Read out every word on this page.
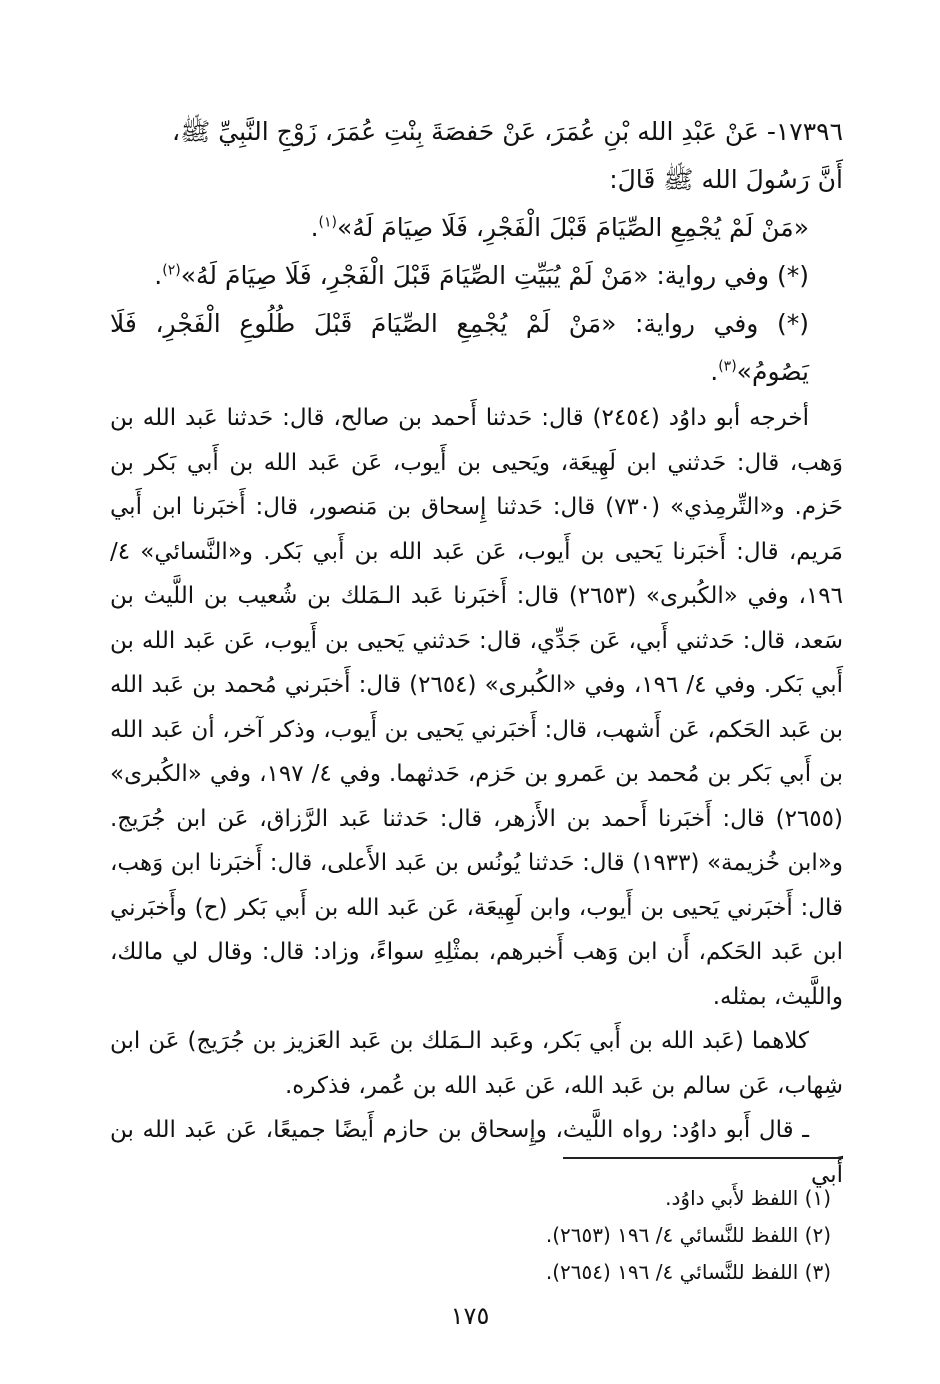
١٧٣٩٦- عَنْ عَبْدِ الله بْنِ عُمَرَ، عَنْ حَفصَةَ بِنْتِ عُمَرَ، زَوْجِ النَّبِيِّ ﷺ،
أَنَّ رَسُولَ الله ﷺ قَالَ:

«مَنْ لَمْ يُجْمِعِ الصِّيَامَ قَبْلَ الْفَجْرِ، فَلَا صِيَامَ لَهُ»$^{(١)}$.

(*) وفي رواية: «مَنْ لَمْ يُبَيِّتِ الصِّيَامَ قَبْلَ الْفَجْرِ، فَلَا صِيَامَ لَهُ»$^{(٢)}$.

(*) وفي رواية: «مَنْ لَمْ يُجْمِعِ الصِّيَامَ قَبْلَ طُلُوعِ الْفَجْرِ، فَلَا يَصُومُ»$^{(٣)}$.

أخرجه أبو داوُد (٢٤٥٤) قال: حَدثنا أَحمد بن صالح، قال: حَدثنا عَبد الله بن وَهب، قال: حَدثني ابن لَهِيعَة، ويَحيى بن أَيوب، عَن عَبد الله بن أَبي بَكر بن حَزم. و«التِّرمِذي» (٧٣٠) قال: حَدثنا إِسحاق بن مَنصور، قال: أَخبَرنا ابن أَبي مَريم، قال: أَخبَرنا يَحيى بن أَيوب، عَن عَبد الله بن أَبي بَكر. و«النَّسائي» ٤/ ١٩٦، وفي «الكُبرى» (٢٦٥٣) قال: أَخبَرنا عَبد الـمَلك بن شُعيب بن اللَّيث بن سَعد، قال: حَدثني أَبي، عَن جَدِّي، قال: حَدثني يَحيى بن أَيوب، عَن عَبد الله بن أَبي بَكر. وفي ٤/ ١٩٦، وفي «الكُبرى» (٢٦٥٤) قال: أَخبَرني مُحمد بن عَبد الله بن عَبد الحَكم، عَن أَشهب، قال: أَخبَرني يَحيى بن أَيوب، وذكر آخر، أن عَبد الله بن أَبي بَكر بن مُحمد بن عَمرو بن حَزم، حَدثهما. وفي ٤/ ١٩٧، وفي «الكُبرى» (٢٦٥٥) قال: أَخبَرنا أَحمد بن الأَزهر، قال: حَدثنا عَبد الرَّزاق، عَن ابن جُرَيج. و«ابن خُزيمة» (١٩٣٣) قال: حَدثنا يُونُس بن عَبد الأَعلى، قال: أَخبَرنا ابن وَهب، قال: أَخبَرني يَحيى بن أَيوب، وابن لَهِيعَة، عَن عَبد الله بن أَبي بَكر (ح) وأَخبَرني ابن عَبد الحَكم، أَن ابن وَهب أَخبرهم، بمثْلِهِ سواءً، وزاد: قال: وقال لي مالك، واللَّيث، بمثله.

كلاهما (عَبد الله بن أَبي بَكر، وعَبد الـمَلك بن عَبد العَزيز بن جُرَيج) عَن ابن شِهاب، عَن سالم بن عَبد الله، عَن عَبد الله بن عُمر، فذكره.

ـ قال أَبو داوُد: رواه اللَّيث، وإِسحاق بن حازم أَيضًا جميعًا، عَن عَبد الله بن أَبي

(١) اللفظ لأَبي داوُد.

(٢) اللفظ للنَّسائي ٤/ ١٩٦ (٢٦٥٣).

(٣) اللفظ للنَّسائي ٤/ ١٩٦ (٢٦٥٤).

١٧٥
